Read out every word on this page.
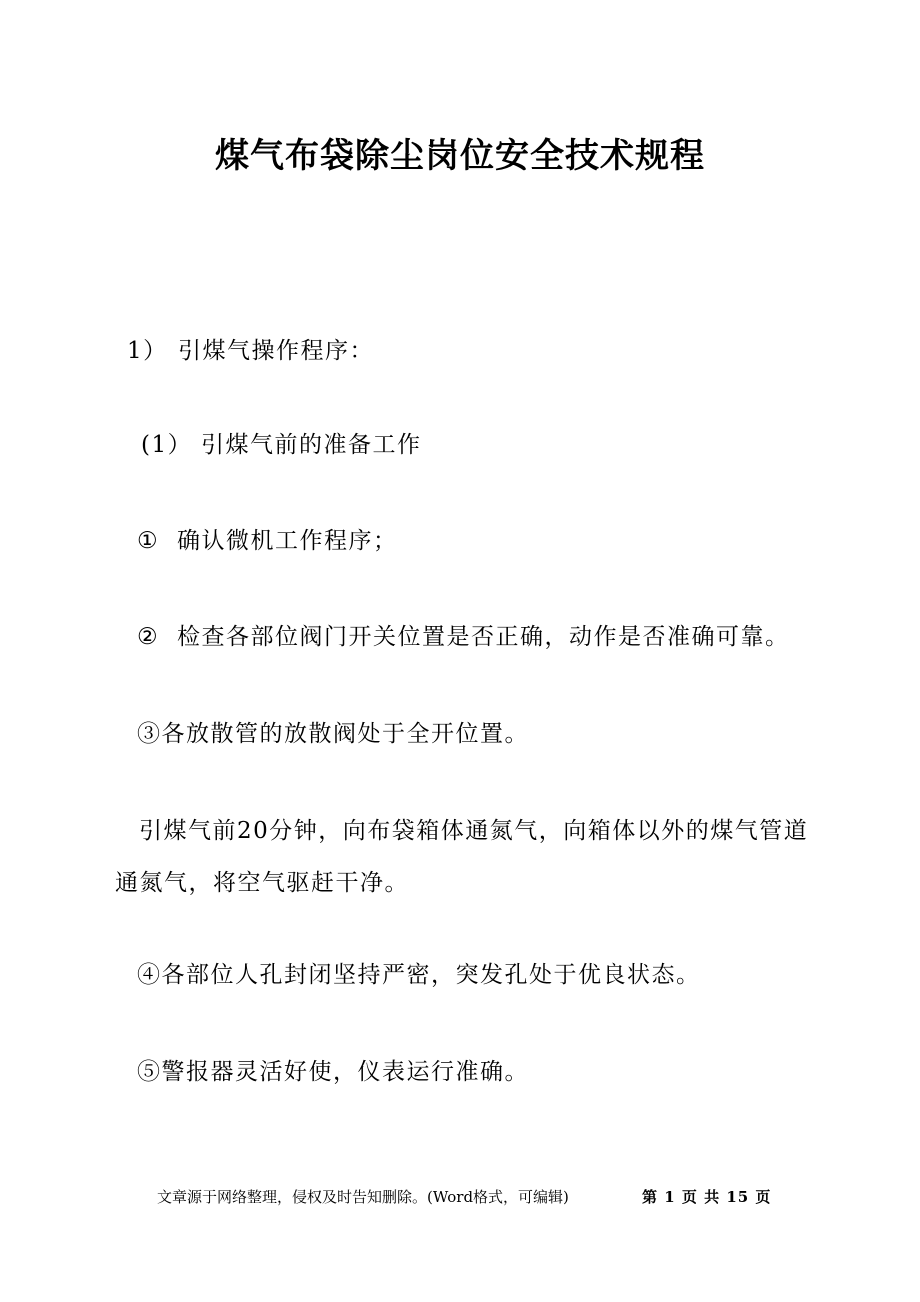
煤气布袋除尘岗位安全技术规程
1） 引煤气操作程序：
(1） 引煤气前的准备工作
① 确认微机工作程序；
② 检查各部位阀门开关位置是否正确，动作是否准确可靠。
③各放散管的放散阀处于全开位置。
引煤气前20分钟，向布袋箱体通氮气，向箱体以外的煤气管道通氮气，将空气驱赶干净。
④各部位人孔封闭坚持严密，突发孔处于优良状态。
⑤警报器灵活好使，仪表运行准确。
文章源于网络整理，侵权及时告知删除。(Word格式，可编辑)	第 1 页 共 15 页
